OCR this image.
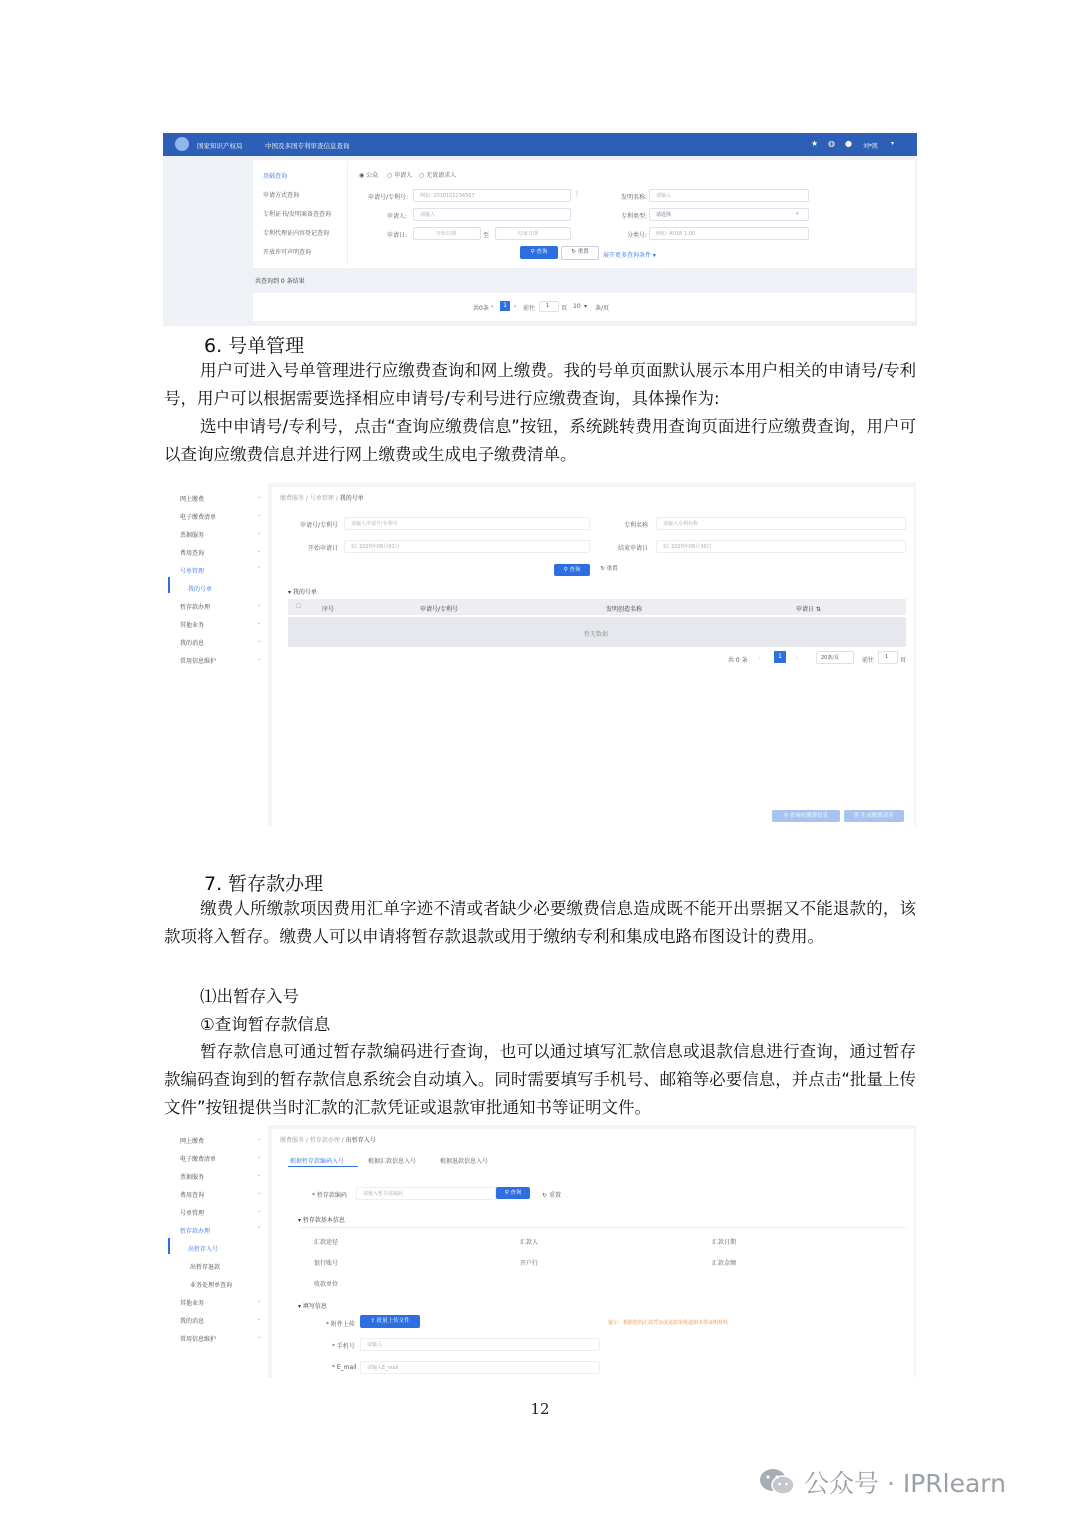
国家知识产权局	中国及多国专利审查信息查询	★ ◍ ● 刘*凯 ▾
基础查询
申请方式查询
专利证书/发明案备查查询
专利代理证内容登记查询
开放许可声明查询
◉ 公众 ○ 申请人 ○ 无效请求人
申请号/专利号: 例如: 2010101234567	?
申请人:	请输入
申请日:	开始日期	至	结束日期
发明名称: 请输入
专利类型: 请选择	▾
分类号: 例如: A01B 1:00
⚲ 查询	↻ 重置	展开更多查询条件 ▾
共查询到 0 条结果
共0条 ‹	1	› 前往 1 页 10 ▾ 条/页
6. 号单管理
用户可进入号单管理进行应缴费查询和网上缴费。我的号单页面默认展示本用户相关的申请号/专利号，用户可以根据需要选择相应申请号/专利号进行应缴费查询，具体操作为:
选中申请号/专利号，点击“查询应缴费信息”按钮，系统跳转费用查询页面进行应缴费查询，用户可以查询应缴费信息并进行网上缴费或生成电子缴费清单。
网上缴费	⌄
电子缴费清单	⌄
票据服务	⌄
费用查询	⌄
号单管理	⌃
我的号单
暂存款办理	⌄
其他业务	⌄
我的消息	⌄
常用信息维护	⌄
缴费服务 / 号单管理 / 我的号单
申请号/专利号	请输入申请号/专利号	专利名称	请输入专利名称
开始申请日	如: 2020年06月01日	结束申请日	如: 2020年06月30日
⚲ 查询	↻ 重置
▾ 我的号单
☐	序号	申请号/专利号	发明创造名称	申请日 ⇅
暂无数据
共 0 条 ‹	1	›	20条/页	前往 1 页
⚲ 查询应缴费信息	⎘ 生成缴费清单
7. 暂存款办理
缴费人所缴款项因费用汇单字迹不清或者缺少必要缴费信息造成既不能开出票据又不能退款的，该款项将入暂存。缴费人可以申请将暂存款退款或用于缴纳专利和集成电路布图设计的费用。
⑴出暂存入号
①查询暂存款信息
暂存款信息可通过暂存款编码进行查询，也可以通过填写汇款信息或退款信息进行查询，通过暂存款编码查询到的暂存款信息系统会自动填入。同时需要填写手机号、邮箱等必要信息，并点击“批量上传文件”按钮提供当时汇款的汇款凭证或退款审批通知书等证明文件。
网上缴费	⌄
电子缴费清单	⌄
票据服务	⌄
费用查询	⌄
号单管理	⌄
暂存款办理	⌃
出暂存入号
出暂存退款
业务处理单查询
其他业务	⌄
我的消息	⌄
常用信息维护	⌄
缴费服务 / 暂存款办理 / 出暂存入号
根据暂存款编码入号	根据汇款信息入号	根据退款信息入号
* 暂存款编码	请输入暂存款编码	⚲ 查询	↻ 重置
▾ 暂存款基本信息
汇款途径	汇款人	汇款日期
银行账号	开户行	汇款金额
收款单位
▾ 填写信息
* 附件上传	⇪ 批量上传文件	提示：根据您的汇款凭证或退款审批通知书等证明材料
* 手机号 请输入
* E_mail 请输入E_mail
12
公众号 · IPRlearn
